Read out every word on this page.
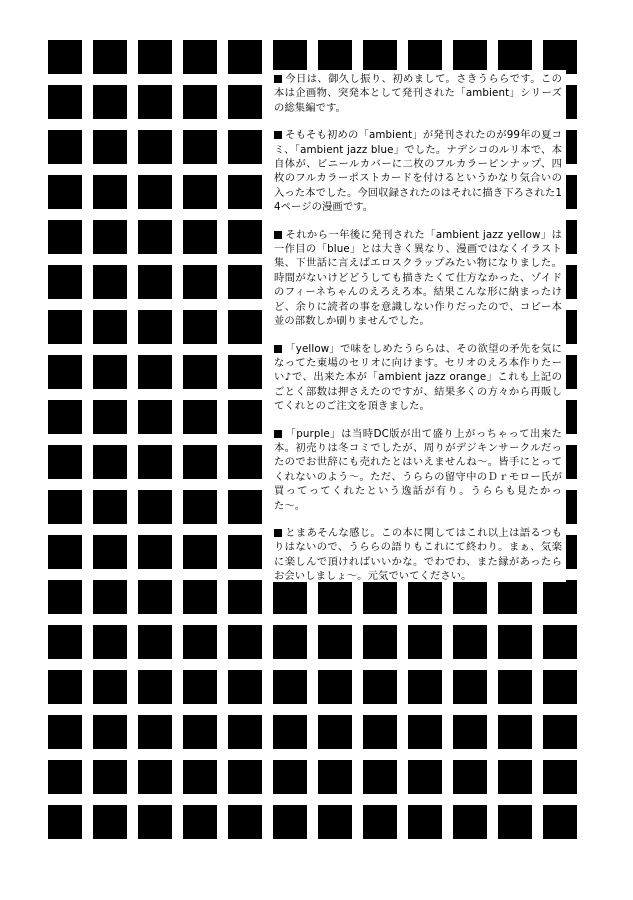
今日は、御久し振り、初めまして。さきうららです。この本は企画物、突発本として発刊された「ambient」シリーズの総集編です。

そもそも初めの「ambient」が発刊されたのが99年の夏コミ、「ambient jazz blue」でした。ナデシコのルリ本で、本自体が、ビニールカバーに二枚のフルカラーピンナップ、四枚のフルカラーポストカードを付けるというかなり気合いの入った本でした。今回収録されたのはそれに描き下ろされた14ページの漫画です。

それから一年後に発刊された「ambient jazz yellow」は一作目の「blue」とは大きく異なり、漫画ではなくイラスト集、下世話に言えばエロスクラップみたい物になりました。時間がないけどどうしても描きたくて仕方なかった、ゾイドのフィーネちゃんのえろえろ本。結果こんな形に納まったけど、余りに読者の事を意識しない作りだったので、コピー本並の部数しか刷りませんでした。

「yellow」で味をしめたうららは、その欲望の矛先を気になってた東場のセリオに向けます。セリオのえろ本作りたーい♪で、出来た本が「ambient jazz orange」これも上記のごとく部数は押さえたのですが、結果多くの方々から再販してくれとのご注文を頂きました。

「purple」は当時DC版が出て盛り上がっちゃって出来た本。初売りは冬コミでしたが、周りがデジキンサークルだったのでお世辞にも売れたとはいえませんね〜。皆手にとってくれないのよう〜。ただ、うららの留守中のＤｒモロー氏が買ってってくれたという逸話が有り。うららも見たかった〜。

とまあそんな感じ。この本に関してはこれ以上は語るつもりはないので、うららの語りもこれにて終わり。まぁ、気楽に楽しんで頂ければいいかな。でわでわ、また縁があったらお会いしましょ〜。元気でいてください。
